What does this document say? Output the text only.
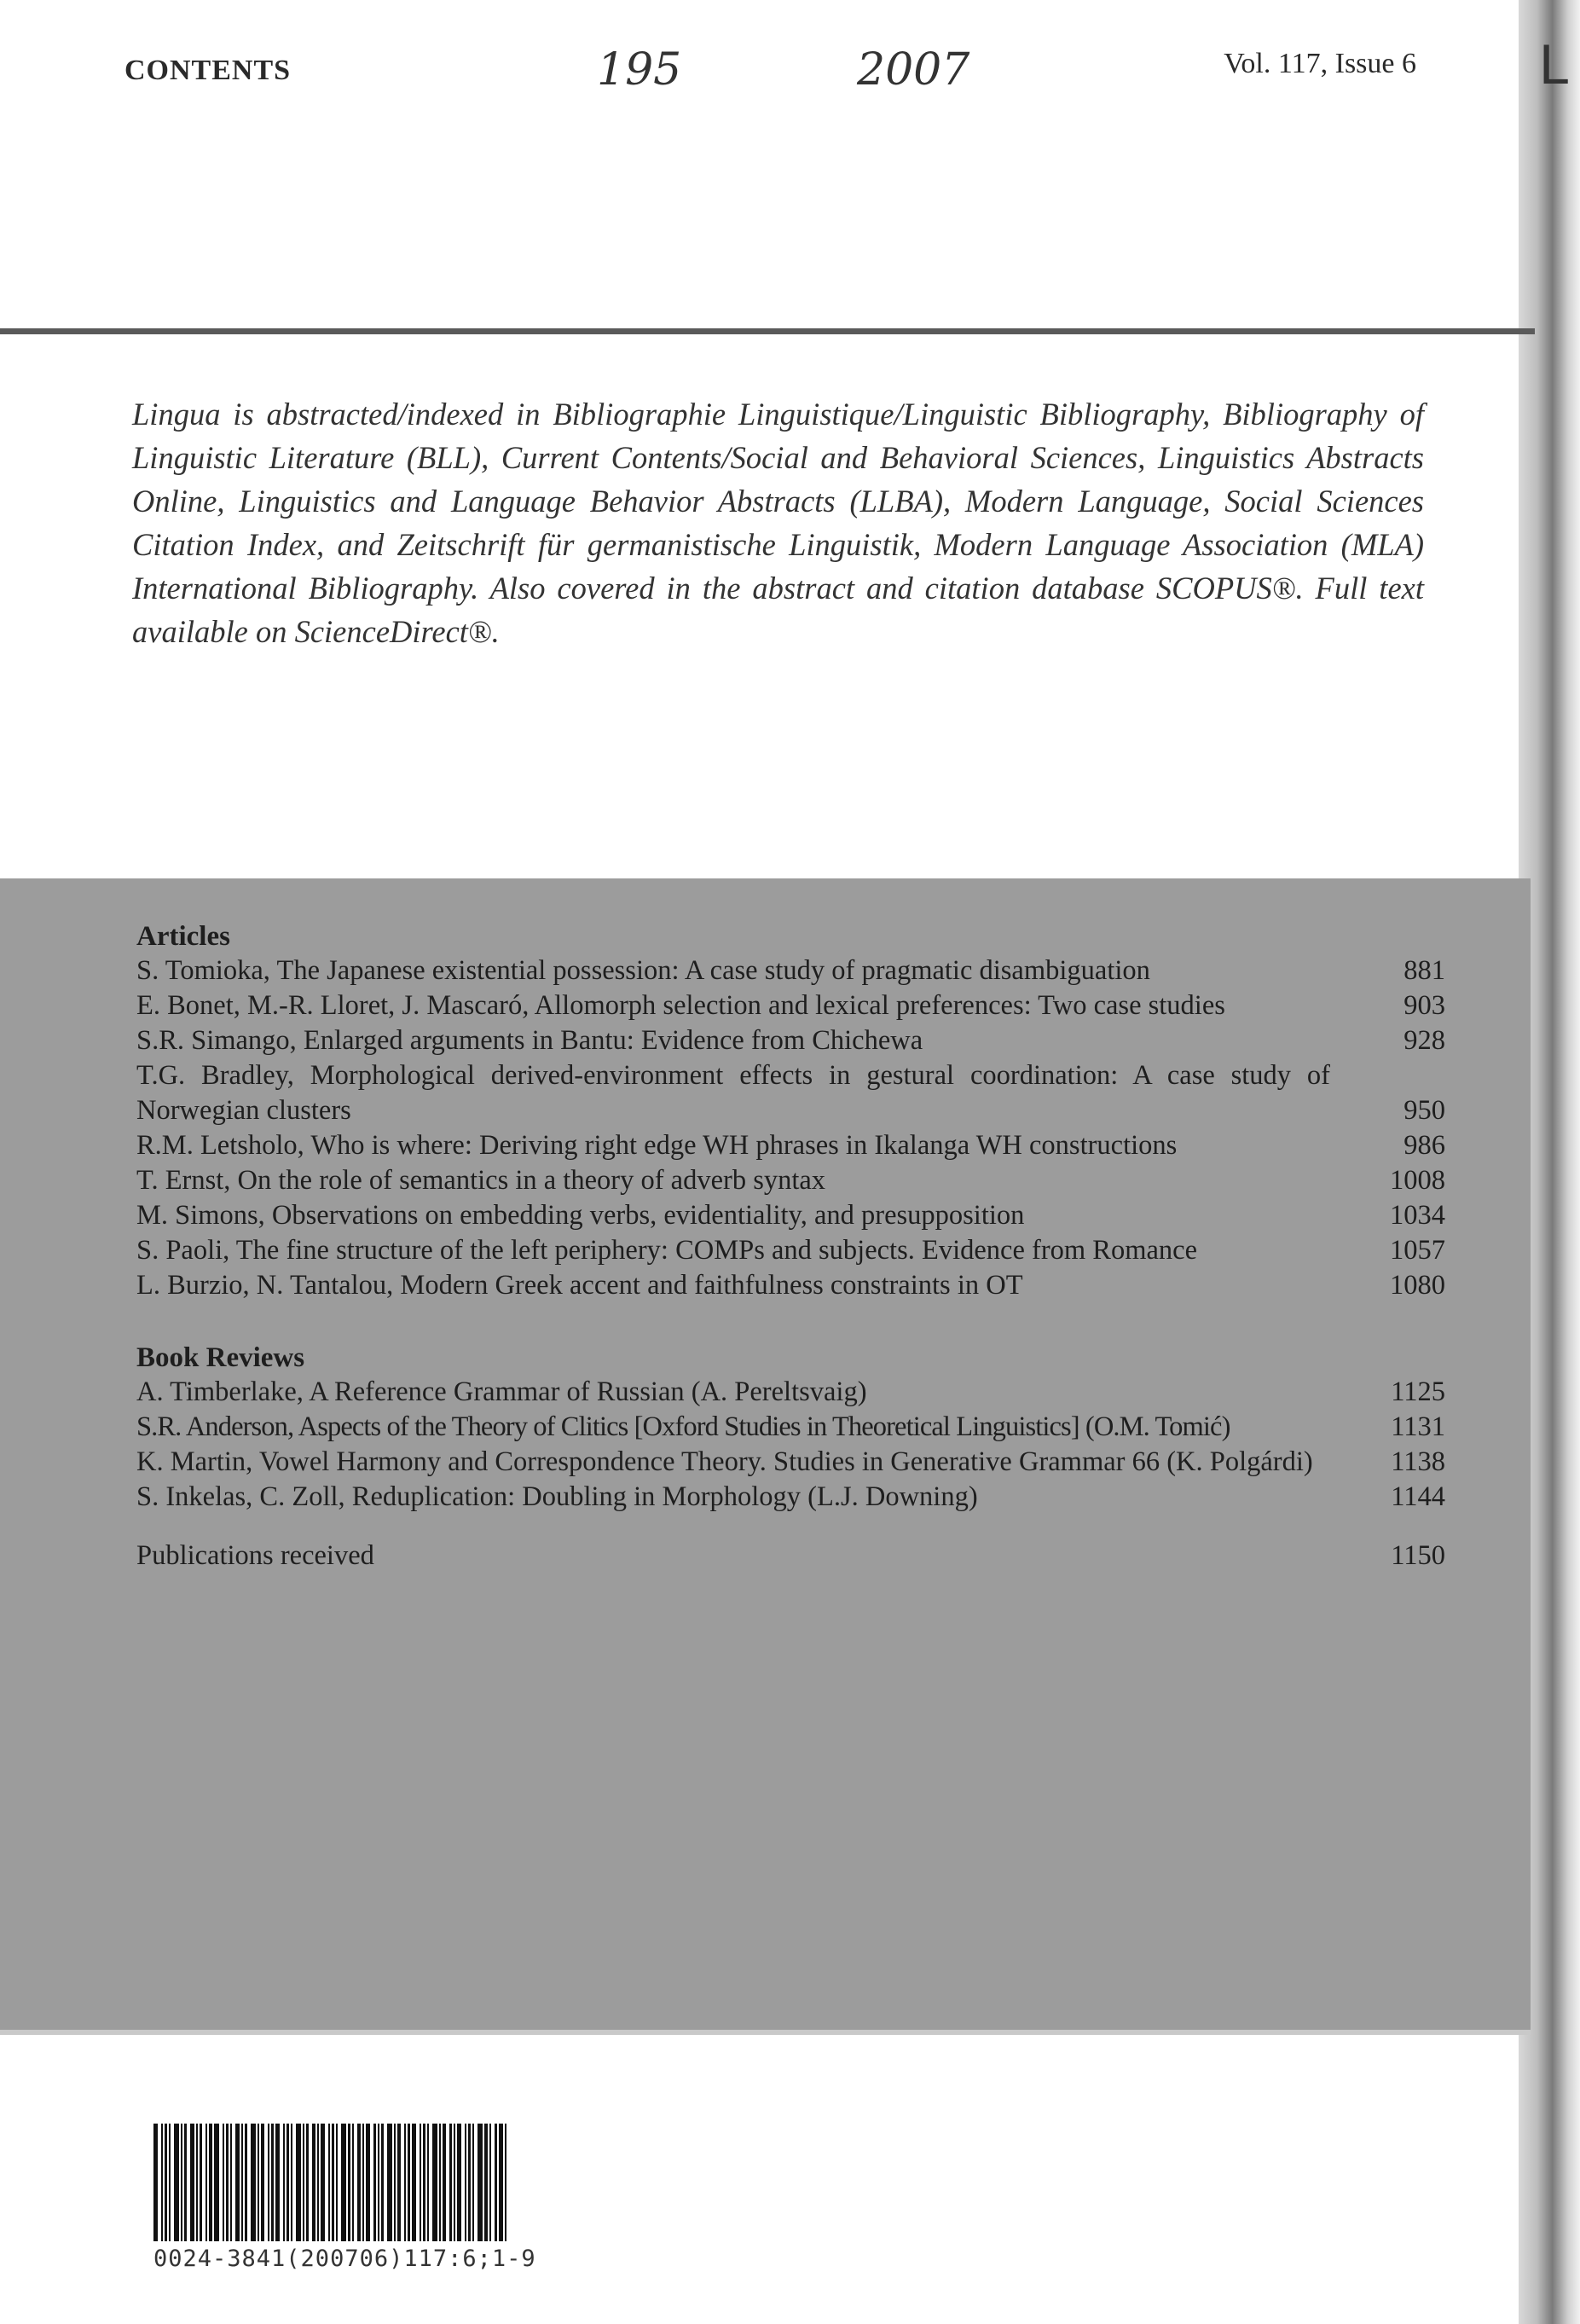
L
CONTENTS	195	2007	Vol. 117, Issue 6
Lingua is abstracted/indexed in Bibliographie Linguistique/Linguistic Bibliography, Bibliography of Linguistic Literature (BLL), Current Contents/Social and Behavioral Sciences, Linguistics Abstracts Online, Linguistics and Language Behavior Abstracts (LLBA), Modern Language, Social Sciences Citation Index, and Zeitschrift für germanistische Linguistik, Modern Language Association (MLA) International Bibliography. Also covered in the abstract and citation database SCOPUS®. Full text available on ScienceDirect®.
Articles
S. Tomioka, The Japanese existential possession: A case study of pragmatic disambiguation	881
E. Bonet, M.-R. Lloret, J. Mascaró, Allomorph selection and lexical preferences: Two case studies	903
S.R. Simango, Enlarged arguments in Bantu: Evidence from Chichewa	928
T.G. Bradley, Morphological derived-environment effects in gestural coordination: A case study of Norwegian clusters	950
R.M. Letsholo, Who is where: Deriving right edge WH phrases in Ikalanga WH constructions	986
T. Ernst, On the role of semantics in a theory of adverb syntax	1008
M. Simons, Observations on embedding verbs, evidentiality, and presupposition	1034
S. Paoli, The fine structure of the left periphery: COMPs and subjects. Evidence from Romance	1057
L. Burzio, N. Tantalou, Modern Greek accent and faithfulness constraints in OT	1080
Book Reviews
A. Timberlake, A Reference Grammar of Russian (A. Pereltsvaig)	1125
S.R. Anderson, Aspects of the Theory of Clitics [Oxford Studies in Theoretical Linguistics] (O.M. Tomić)	1131
K. Martin, Vowel Harmony and Correspondence Theory. Studies in Generative Grammar 66 (K. Polgárdi)	1138
S. Inkelas, C. Zoll, Reduplication: Doubling in Morphology (L.J. Downing)	1144
Publications received	1150
0024-3841(200706)117:6;1-9
